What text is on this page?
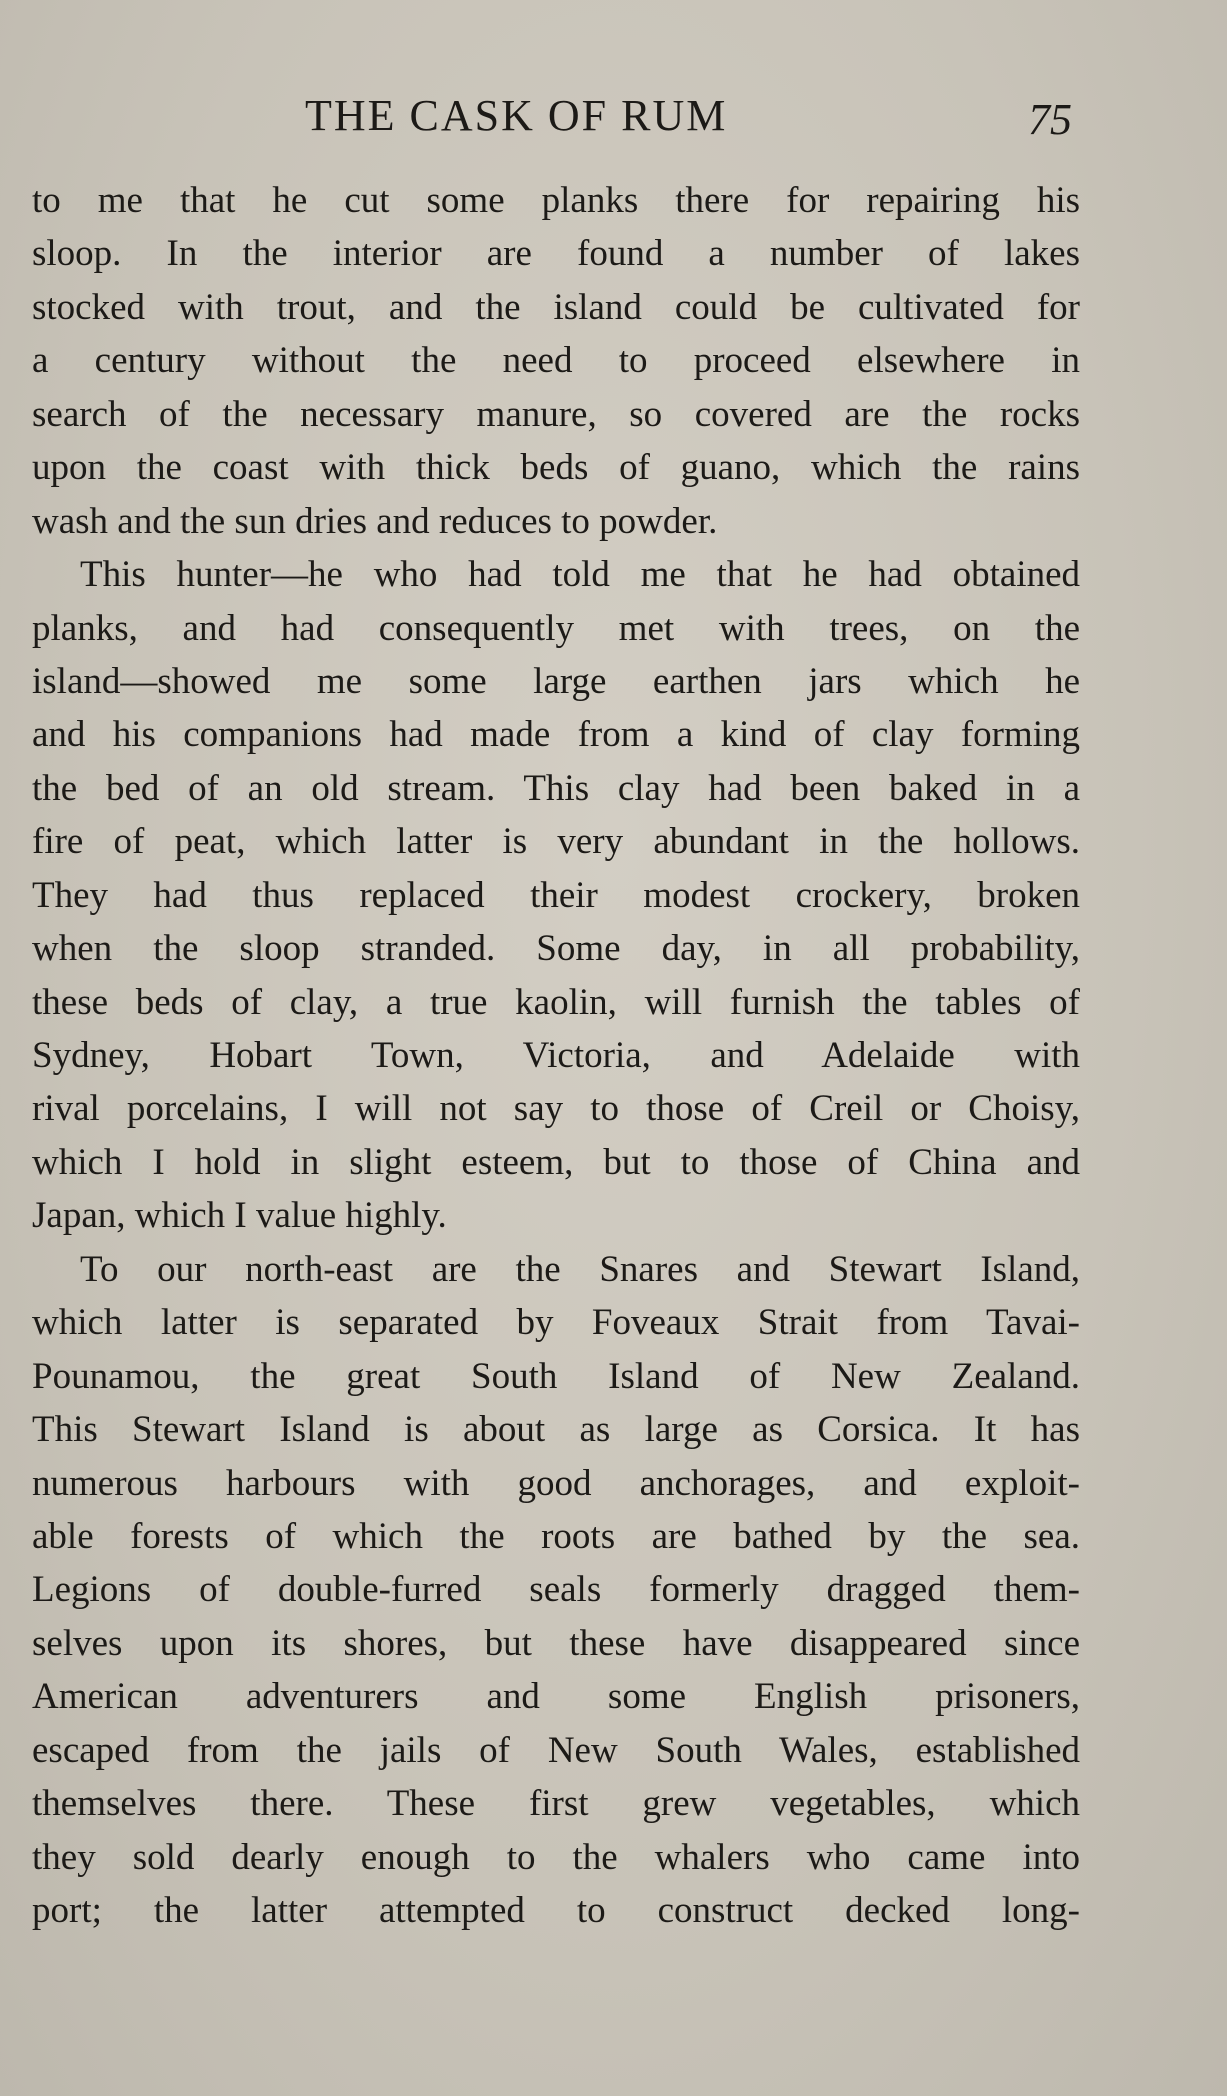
THE CASK OF RUM	75
to me that he cut some planks there for repairing his
sloop. In the interior are found a number of lakes
stocked with trout, and the island could be cultivated for
a century without the need to proceed elsewhere in
search of the necessary manure, so covered are the rocks
upon the coast with thick beds of guano, which the rains
wash and the sun dries and reduces to powder.
This hunter—he who had told me that he had obtained
planks, and had consequently met with trees, on the
island—showed me some large earthen jars which he
and his companions had made from a kind of clay forming
the bed of an old stream. This clay had been baked in a
fire of peat, which latter is very abundant in the hollows.
They had thus replaced their modest crockery, broken
when the sloop stranded. Some day, in all probability,
these beds of clay, a true kaolin, will furnish the tables of
Sydney, Hobart Town, Victoria, and Adelaide with
rival porcelains, I will not say to those of Creil or Choisy,
which I hold in slight esteem, but to those of China and
Japan, which I value highly.
To our north-east are the Snares and Stewart Island,
which latter is separated by Foveaux Strait from Tavai-
Pounamou, the great South Island of New Zealand.
This Stewart Island is about as large as Corsica. It has
numerous harbours with good anchorages, and exploit-
able forests of which the roots are bathed by the sea.
Legions of double-furred seals formerly dragged them-
selves upon its shores, but these have disappeared since
American adventurers and some English prisoners,
escaped from the jails of New South Wales, established
themselves there. These first grew vegetables, which
they sold dearly enough to the whalers who came into
port; the latter attempted to construct decked long-
